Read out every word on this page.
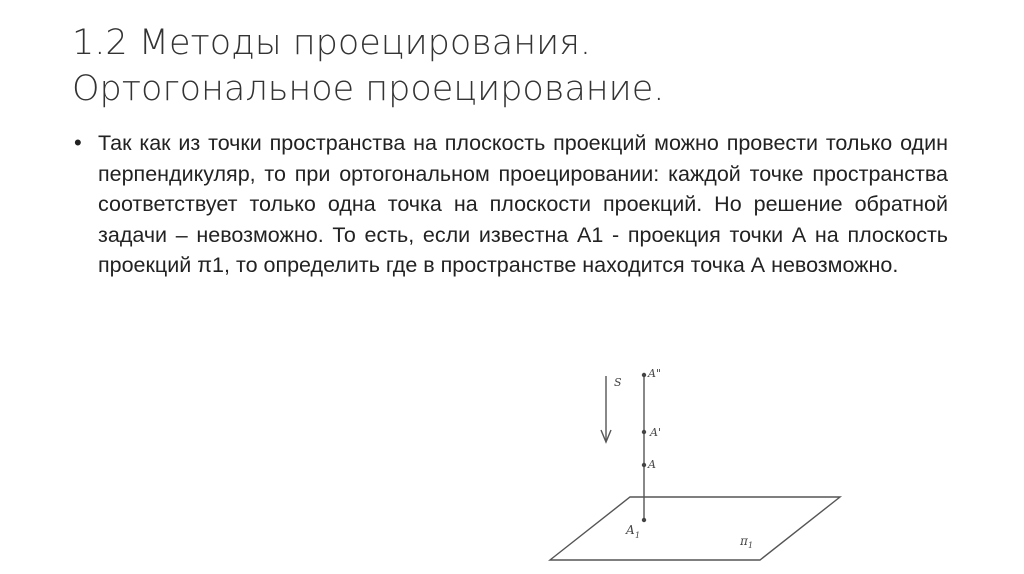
1.2 Методы проецирования.
Ортогональное проецирование.
• Так как из точки пространства на плоскость проекций можно провести только один перпендикуляр, то при ортогональном проецировании: каждой точке пространства соответствует только одна точка на плоскости проекций. Но решение обратной задачи – невозможно. То есть, если известна А1 - проекция точки А на плоскость проекций π1, то определить где в пространстве находится точка А невозможно.
S
A"
A'
A
A 1	π 1
